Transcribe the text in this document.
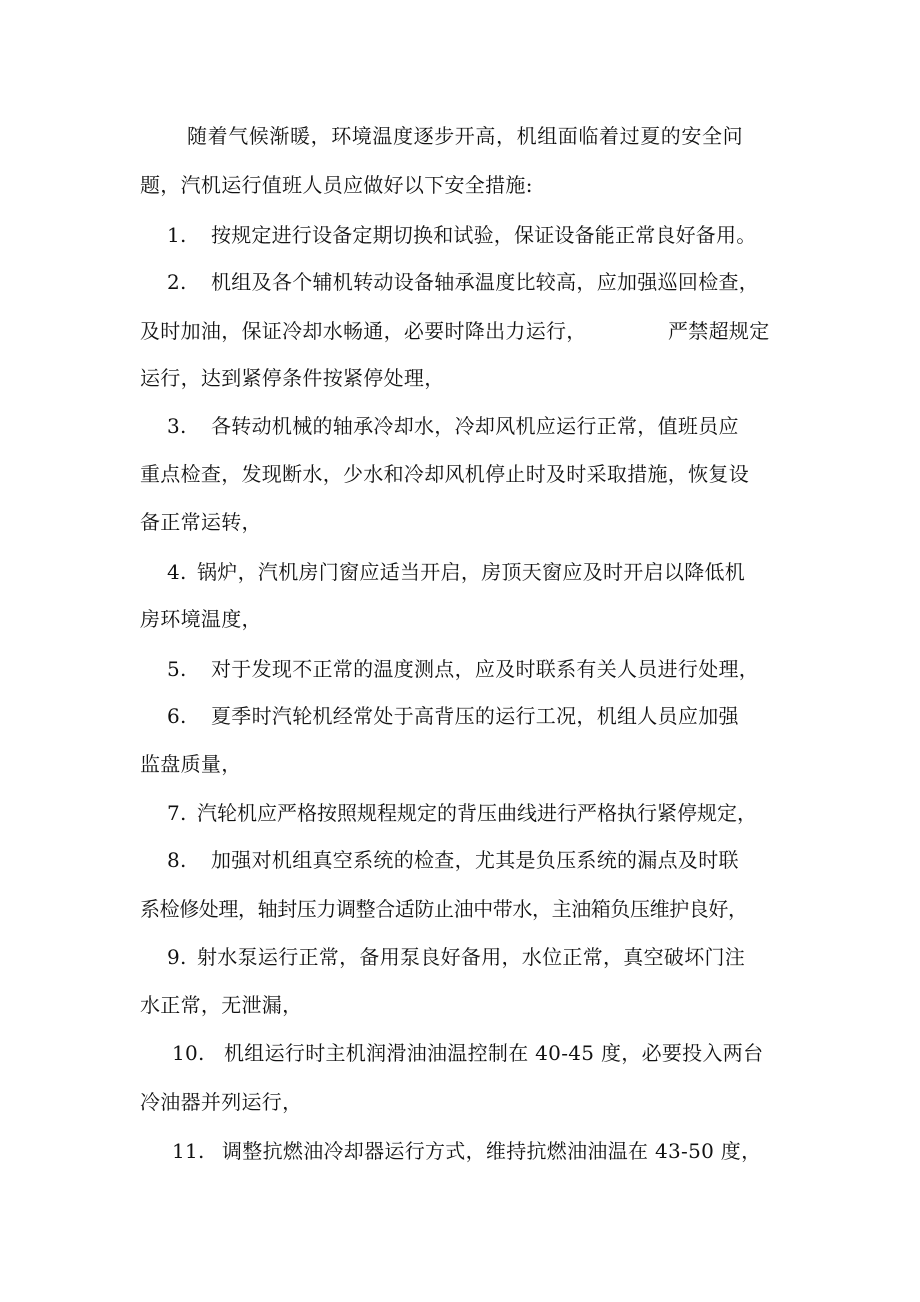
随着气候渐暖，环境温度逐步开高，机组面临着过夏的安全问
题，汽机运行值班人员应做好以下安全措施:
1. 按规定进行设备定期切换和试验，保证设备能正常良好备用。
2. 机组及各个辅机转动设备轴承温度比较高，应加强巡回检查，
及时加油，保证冷却水畅通，必要时降出力运行，	严禁超规定
运行，达到紧停条件按紧停处理，
3. 各转动机械的轴承冷却水，冷却风机应运行正常，值班员应
重点检查，发现断水，少水和冷却风机停止时及时采取措施，恢复设
备正常运转，
4. 锅炉，汽机房门窗应适当开启，房顶天窗应及时开启以降低机
房环境温度，
5. 对于发现不正常的温度测点，应及时联系有关人员进行处理，
6. 夏季时汽轮机经常处于高背压的运行工况，机组人员应加强
监盘质量，
7. 汽轮机应严格按照规程规定的背压曲线进行严格执行紧停规定，
8. 加强对机组真空系统的检查，尤其是负压系统的漏点及时联
系检修处理，轴封压力调整合适防止油中带水，主油箱负压维护良好，
9. 射水泵运行正常，备用泵良好备用，水位正常，真空破坏门注
水正常，无泄漏，
10. 机组运行时主机润滑油油温控制在 40-45 度，必要投入两台
冷油器并列运行，
11. 调整抗燃油冷却器运行方式，维持抗燃油油温在 43-50 度，
